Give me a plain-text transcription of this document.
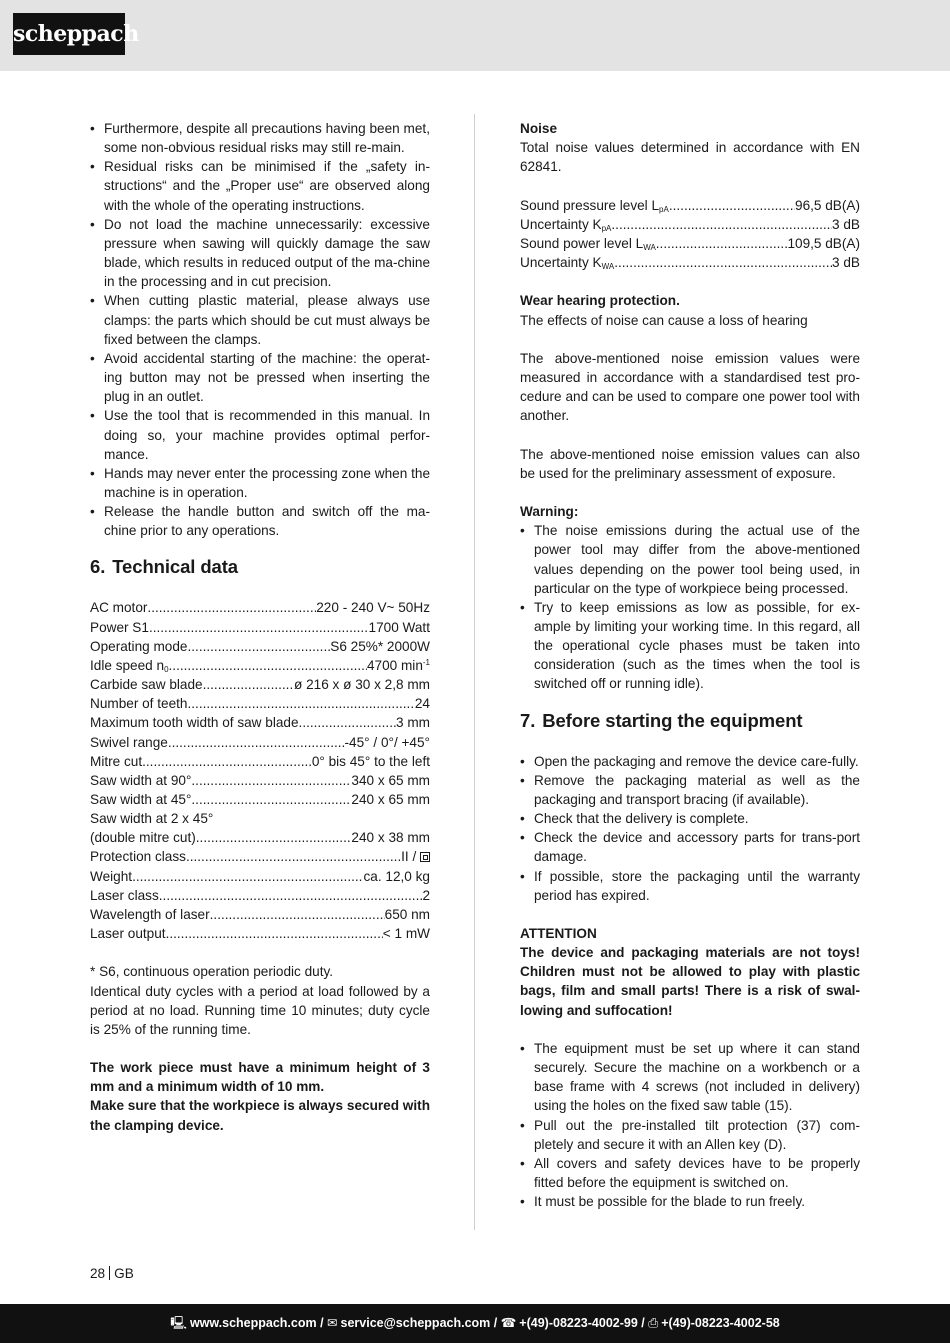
scheppach
• Furthermore, despite all precautions having been met, some non-obvious residual risks may still re-main.
• Residual risks can be minimised if the „safety in-structions“ and the „Proper use“ are observed along with the whole of the operating instructions.
• Do not load the machine unnecessarily: excessive pressure when sawing will quickly damage the saw blade, which results in reduced output of the ma-chine in the processing and in cut precision.
• When cutting plastic material, please always use clamps: the parts which should be cut must always be fixed between the clamps.
• Avoid accidental starting of the machine: the operat-ing button may not be pressed when inserting the plug in an outlet.
• Use the tool that is recommended in this manual. In doing so, your machine provides optimal perfor-mance.
• Hands may never enter the processing zone when the machine is in operation.
• Release the handle button and switch off the ma-chine prior to any operations.
6. Technical data
AC motor .....	220 - 240 V~ 50Hz
Power S1 .....	1700 Watt
Operating mode .....	S6 25%* 2000W
Idle speed $n_0$ .....	4700 $\min^{-1}$
Carbide saw blade .....	ø 216 x ø 30 x 2,8 mm
Number of teeth .....	24
Maximum tooth width of saw blade .....	3 mm
Swivel range .....	-45° / 0°/ +45°
Mitre cut .....	0° bis 45° to the left
Saw width at 90° .....	340 x 65 mm
Saw width at 45° .....	240 x 65 mm
Saw width at 2 x 45°
(double mitre cut) .....	240 x 38 mm
Protection class .....	II /
Weight .....	ca. 12,0 kg
Laser class .....	2
Wavelength of laser .....	650 nm
Laser output .....	< 1 mW

* S6, continuous operation periodic duty.

Identical duty cycles with a period at load followed by a period at no load. Running time 10 minutes; duty cycle is 25% of the running time.

The work piece must have a minimum height of 3 mm and a minimum width of 10 mm.

Make sure that the workpiece is always secured with the clamping device.

Noise

Total noise values determined in accordance with EN 62841.

Sound pressure level $L_{pA}$ .....	96,5 dB(A)
Uncertainty $K_{pA}$ .....	3 dB
Sound power level $L_{WA}$ .....	109,5 dB(A)
Uncertainty $K_{WA}$ .....	3 dB

Wear hearing protection.

The effects of noise can cause a loss of hearing

The above-mentioned noise emission values were measured in accordance with a standardised test pro-cedure and can be used to compare one power tool with another.

The above-mentioned noise emission values can also be used for the preliminary assessment of exposure.

Warning:

• The noise emissions during the actual use of the power tool may differ from the above-mentioned values depending on the power tool being used, in particular on the type of workpiece being processed.
• Try to keep emissions as low as possible, for ex-ample by limiting your working time. In this regard, all the operational cycle phases must be taken into consideration (such as the times when the tool is switched off or running idle).
7. Before starting the equipment
• Open the packaging and remove the device care-fully.
• Remove the packaging material as well as the packaging and transport bracing (if available).
• Check that the delivery is complete.
• Check the device and accessory parts for trans-port damage.
• If possible, store the packaging until the warranty period has expired.

ATTENTION

The device and packaging materials are not toys! Children must not be allowed to play with plastic bags, film and small parts! There is a risk of swal-lowing and suffocation!

• The equipment must be set up where it can stand securely. Secure the machine on a workbench or a base frame with 4 screws (not included in delivery) using the holes on the fixed saw table (15).
• Pull out the pre-installed tilt protection (37) com-pletely and secure it with an Allen key (D).
• All covers and safety devices have to be properly fitted before the equipment is switched on.
• It must be possible for the blade to run freely.
28 GB
🖳 www.scheppach.com / ✉ service@scheppach.com / ☎ +(49)-08223-4002-99 / ⎙ +(49)-08223-4002-58
